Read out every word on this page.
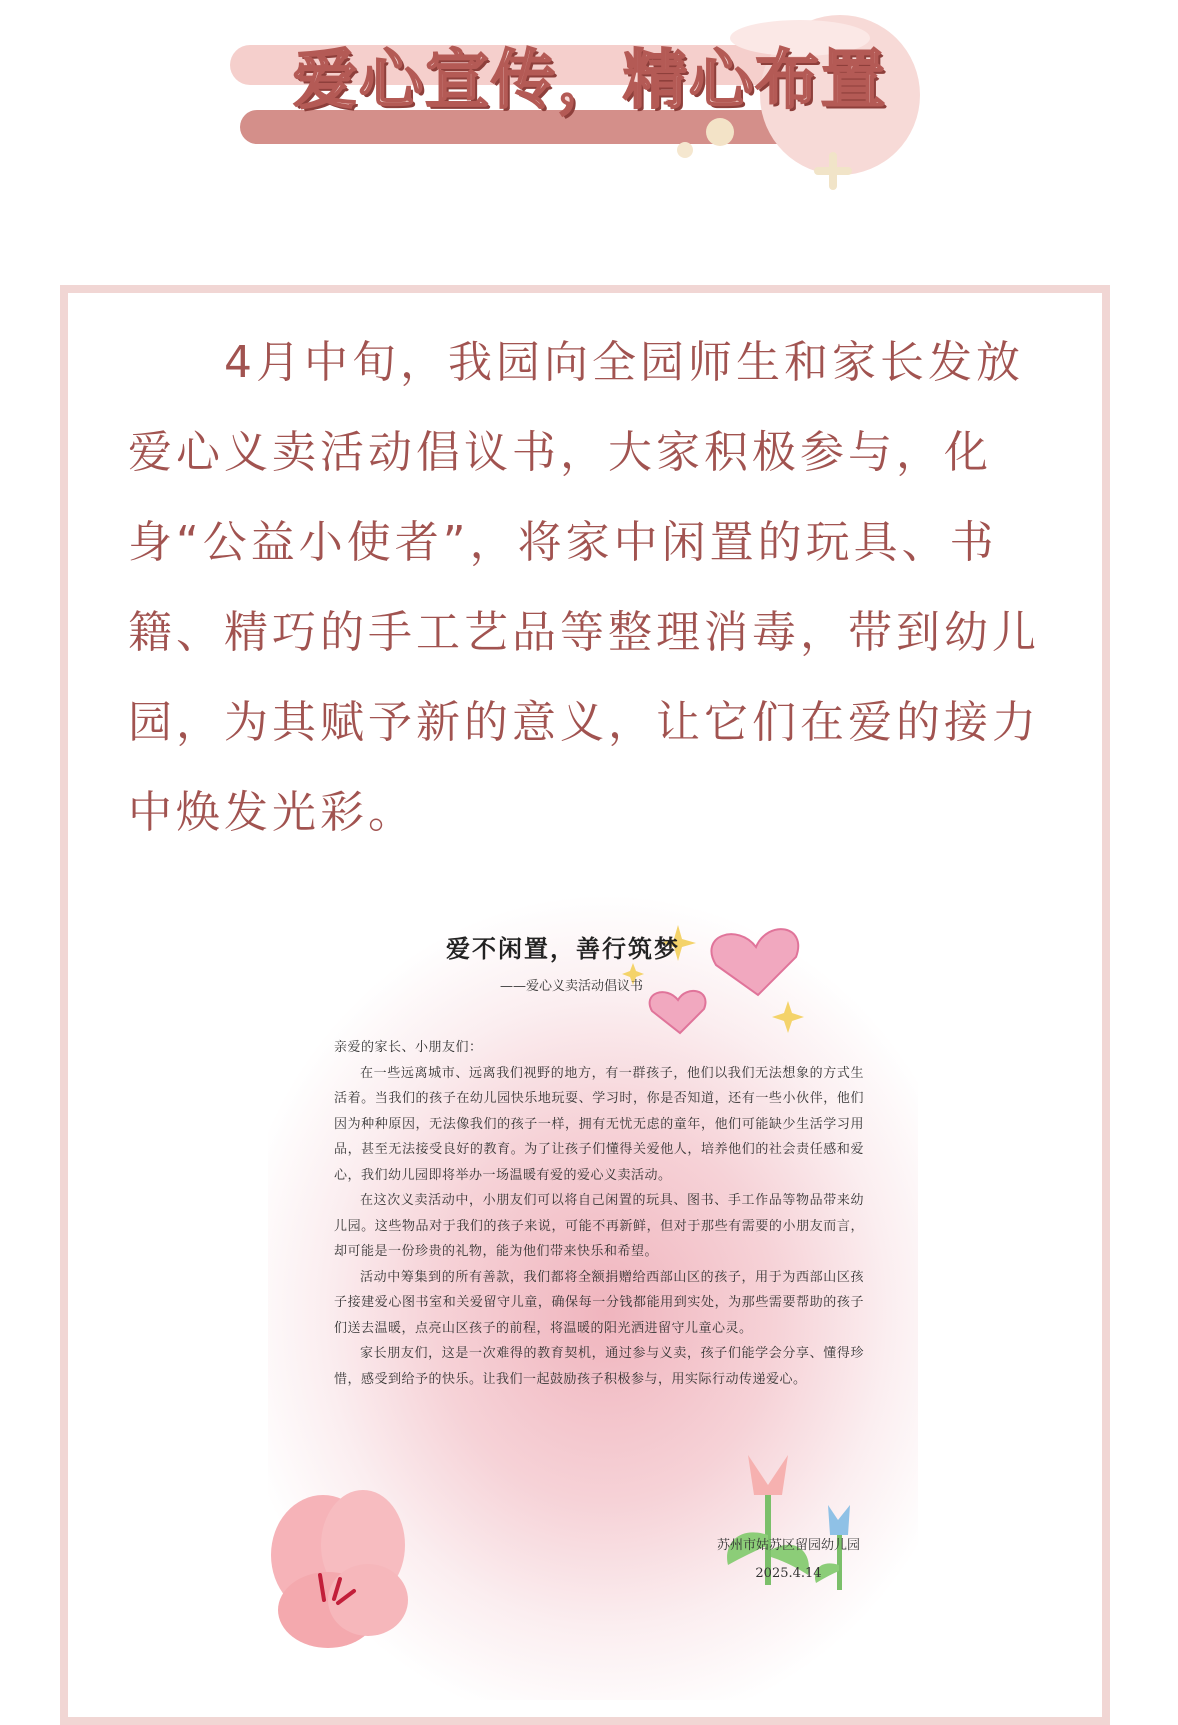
爱心宣传，精心布置

4月中旬，我园向全园师生和家长发放爱心义卖活动倡议书，大家积极参与，化身“公益小使者”，将家中闲置的玩具、书籍、精巧的手工艺品等整理消毒，带到幼儿园，为其赋予新的意义，让它们在爱的接力中焕发光彩。

爱不闲置，善行筑梦
——爱心义卖活动倡议书

亲爱的家长、小朋友们：

在一些远离城市、远离我们视野的地方，有一群孩子，他们以我们无法想象的方式生活着。当我们的孩子在幼儿园快乐地玩耍、学习时，你是否知道，还有一些小伙伴，他们因为种种原因，无法像我们的孩子一样，拥有无忧无虑的童年，他们可能缺少生活学习用品，甚至无法接受良好的教育。为了让孩子们懂得关爱他人，培养他们的社会责任感和爱心，我们幼儿园即将举办一场温暖有爱的爱心义卖活动。

在这次义卖活动中，小朋友们可以将自己闲置的玩具、图书、手工作品等物品带来幼儿园。这些物品对于我们的孩子来说，可能不再新鲜，但对于那些有需要的小朋友而言，却可能是一份珍贵的礼物，能为他们带来快乐和希望。

活动中筹集到的所有善款，我们都将全额捐赠给西部山区的孩子，用于为西部山区孩子接建爱心图书室和关爱留守儿童，确保每一分钱都能用到实处，为那些需要帮助的孩子们送去温暖，点亮山区孩子的前程，将温暖的阳光洒进留守儿童心灵。

家长朋友们，这是一次难得的教育契机，通过参与义卖，孩子们能学会分享、懂得珍惜，感受到给予的快乐。让我们一起鼓励孩子积极参与，用实际行动传递爱心。

苏州市姑苏区留园幼儿园
2025.4.14
